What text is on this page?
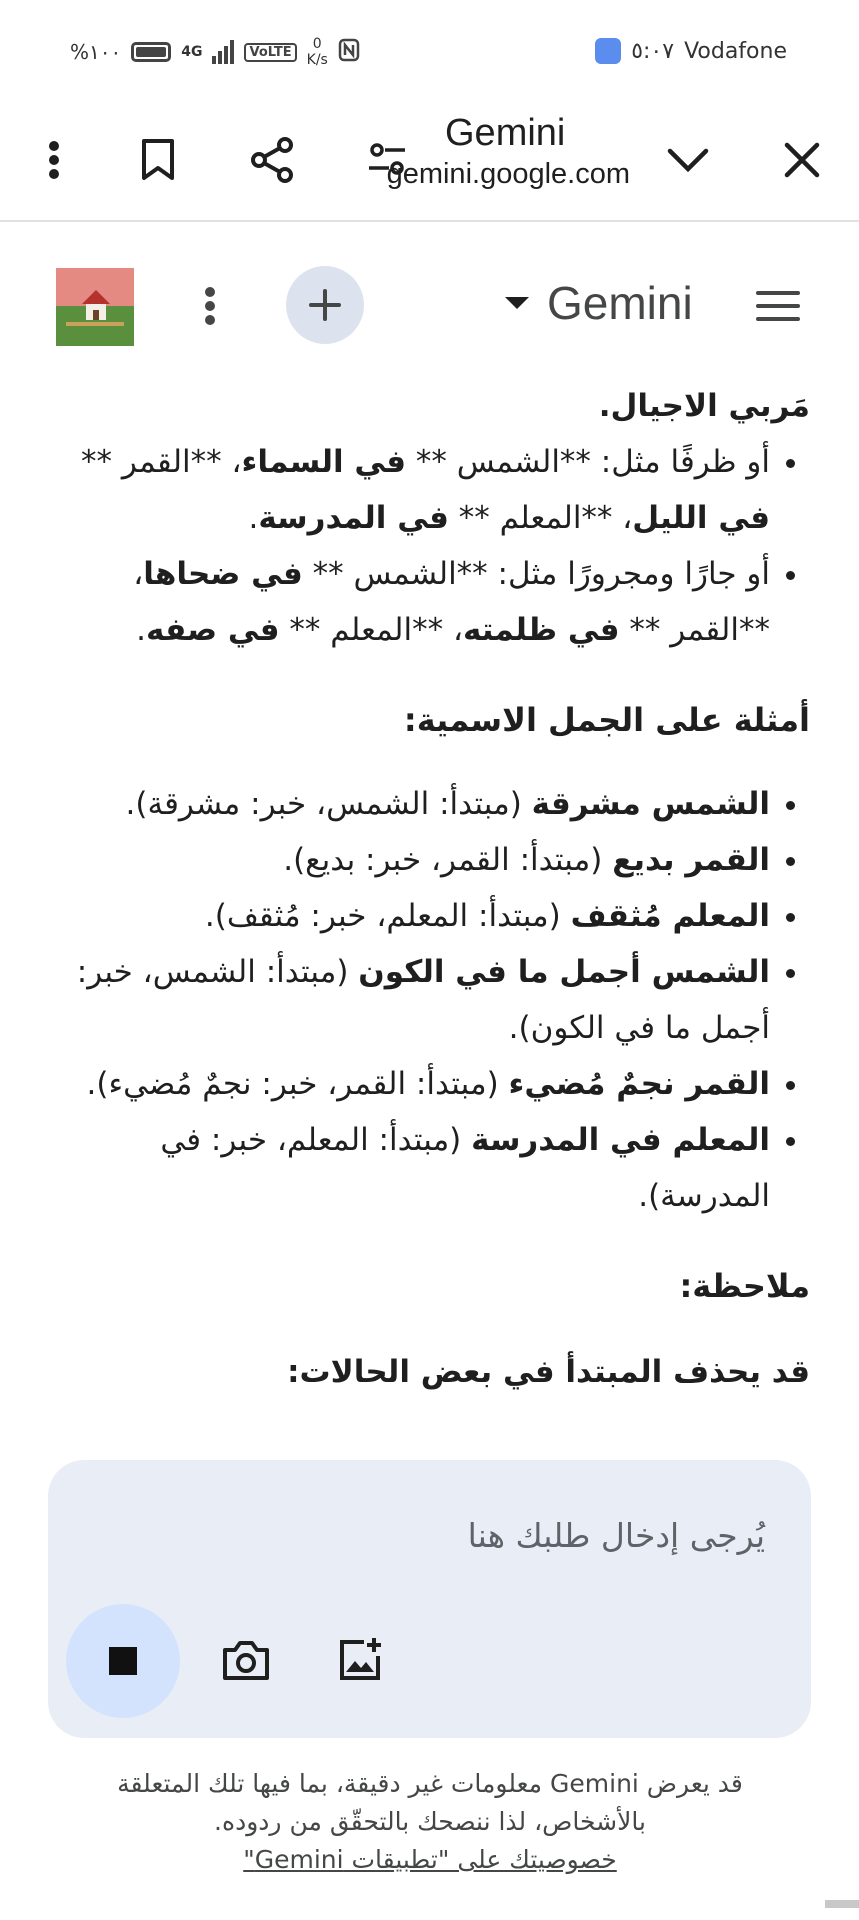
%١٠٠	4G	VoLTE	0
K/s	٥:٠٧ Vodafone
Gemini
gemini.google.com
Gemini

مَربي الاجيال.

• أو ظرفًا مثل: **الشمس ** في السماء، **القمر ** في الليل، **المعلم ** في المدرسة.
• أو جارًا ومجرورًا مثل: **الشمس ** في ضحاها، **القمر ** في ظلمته، **المعلم ** في صفه.
أمثلة على الجمل الاسمية:
• الشمس مشرقة (مبتدأ: الشمس، خبر: مشرقة).
• القمر بديع (مبتدأ: القمر، خبر: بديع).
• المعلم مُثقف (مبتدأ: المعلم، خبر: مُثقف).
• الشمس أجمل ما في الكون (مبتدأ: الشمس، خبر: أجمل ما في الكون).
• القمر نجمٌ مُضيء (مبتدأ: القمر، خبر: نجمٌ مُضيء).
• المعلم في المدرسة (مبتدأ: المعلم، خبر: في المدرسة).
ملاحظة:

قد يحذف المبتدأ في بعض الحالات:

يُرجى إدخال طلبك هنا
قد يعرض Gemini معلومات غير دقيقة، بما فيها تلك المتعلقة بالأشخاص، لذا ننصحك بالتحقّق من ردوده.
خصوصيتك على "تطبيقات Gemini"
